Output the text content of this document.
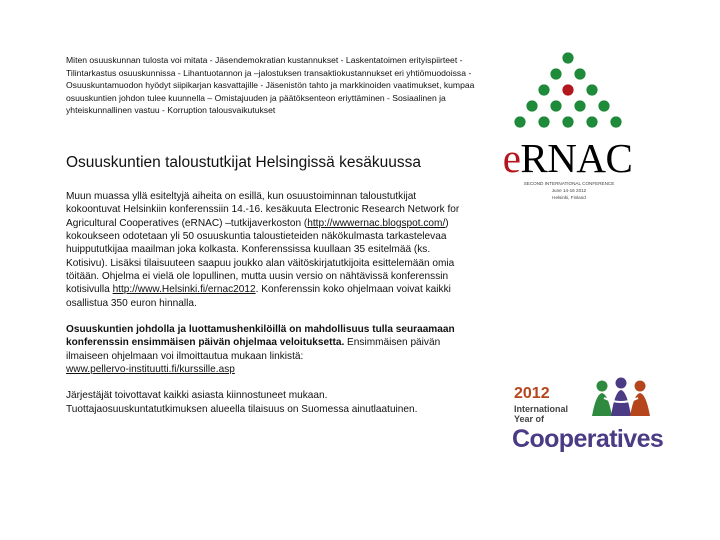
Miten osuuskunnan tulosta voi mitata - Jäsendemokratian kustannukset - Laskentatoimen erityispiirteet - Tilintarkastus osuuskunnissa - Lihantuotannon ja –jalostuksen transaktiokustannukset eri yhtiömuodoissa - Osuuskuntamuodon hyödyt siipikarjan kasvattajille - Jäsenistön tahto ja markkinoiden vaatimukset, kumpaa osuuskuntien johdon tulee kuunnella – Omistajuuden ja päätöksenteon eriyttäminen - Sosiaalinen ja yhteiskunnallinen vastuu - Korruption talousvaikutukset
Osuuskuntien taloustutkijat Helsingissä kesäkuussa

Muun muassa yllä esiteltyjä aiheita on esillä, kun osuustoiminnan taloustutkijat kokoontuvat Helsinkiin konferenssiin 14.-16. kesäkuuta Electronic Research Network for Agricultural Cooperatives (eRNAC) –tutkijaverkoston (http://wwwernac.blogspot.com/) kokoukseen odotetaan yli 50 osuuskuntia taloustieteiden näkökulmasta tarkastelevaa huippututkijaa maailman joka kolkasta. Konferenssissa kuullaan 35 esitelmää (ks. Kotisivu). Lisäksi tilaisuuteen saapuu joukko alan väitöskirjatutkijoita esittelemään omia töitään. Ohjelma ei vielä ole lopullinen, mutta uusin versio on nähtävissä konferenssin kotisivulla http://www.Helsinki.fi/ernac2012. Konferenssin koko ohjelmaan voivat kaikki osallistua 350 euron hinnalla.

Osuuskuntien johdolla ja luottamushenkilöillä on mahdollisuus tulla seuraamaan konferenssin ensimmäisen päivän ohjelmaa veloituksetta. Ensimmäisen päivän ilmaiseen ohjelmaan voi ilmoittautua mukaan linkistä:
www.pellervo-instituutti.fi/kurssille.asp

Järjestäjät toivottavat kaikki asiasta kiinnostuneet mukaan.
Tuottajaosuuskuntatutkimuksen alueella tilaisuus on Suomessa ainutlaatuinen.

eRNAC
SECOND INTERNATIONAL CONFERENCE
June 14-16 2012
Helsinki, Finland
2012
International
Year of
Cooperatives
